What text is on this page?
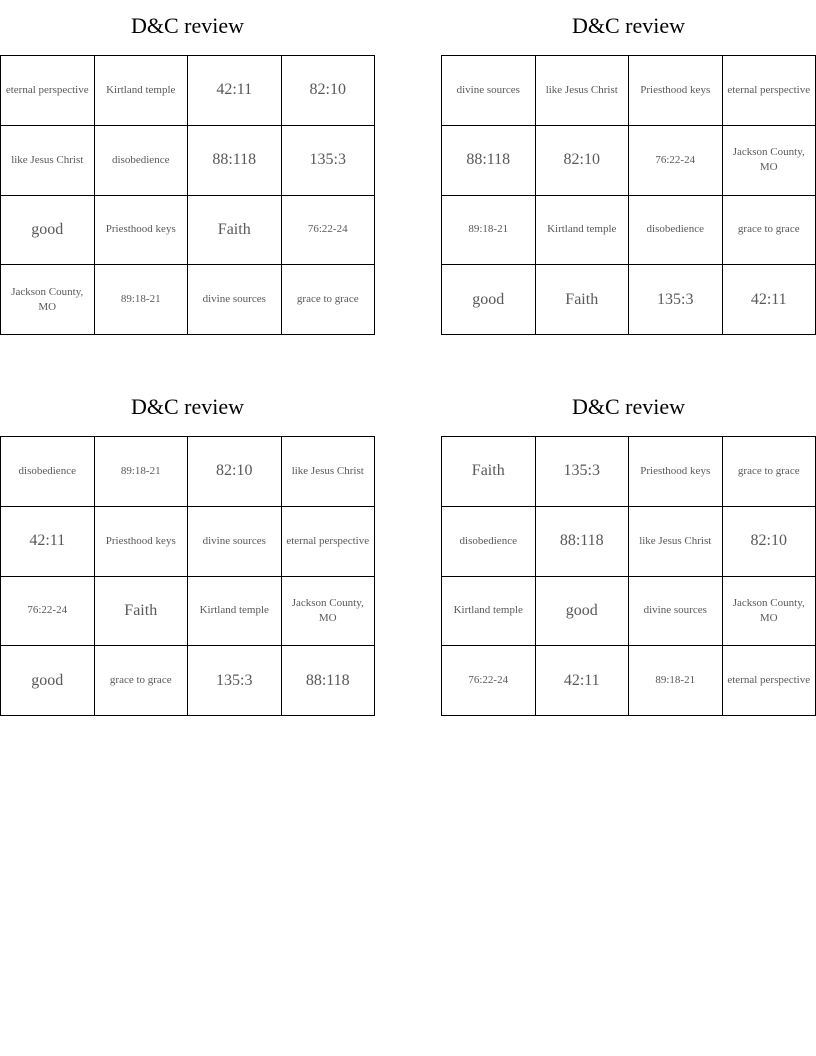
D&C review
eternal perspective	Kirtland temple	42:11	82:10
like Jesus Christ	disobedience	88:118	135:3
good	Priesthood keys	Faith	76:22-24
Jackson County, MO	89:18-21	divine sources	grace to grace
D&C review
divine sources	like Jesus Christ	Priesthood keys	eternal perspective
88:118	82:10	76:22-24	Jackson County, MO
89:18-21	Kirtland temple	disobedience	grace to grace
good	Faith	135:3	42:11
D&C review
disobedience	89:18-21	82:10	like Jesus Christ
42:11	Priesthood keys	divine sources	eternal perspective
76:22-24	Faith	Kirtland temple	Jackson County, MO
good	grace to grace	135:3	88:118
D&C review
Faith	135:3	Priesthood keys	grace to grace
disobedience	88:118	like Jesus Christ	82:10
Kirtland temple	good	divine sources	Jackson County, MO
76:22-24	42:11	89:18-21	eternal perspective
